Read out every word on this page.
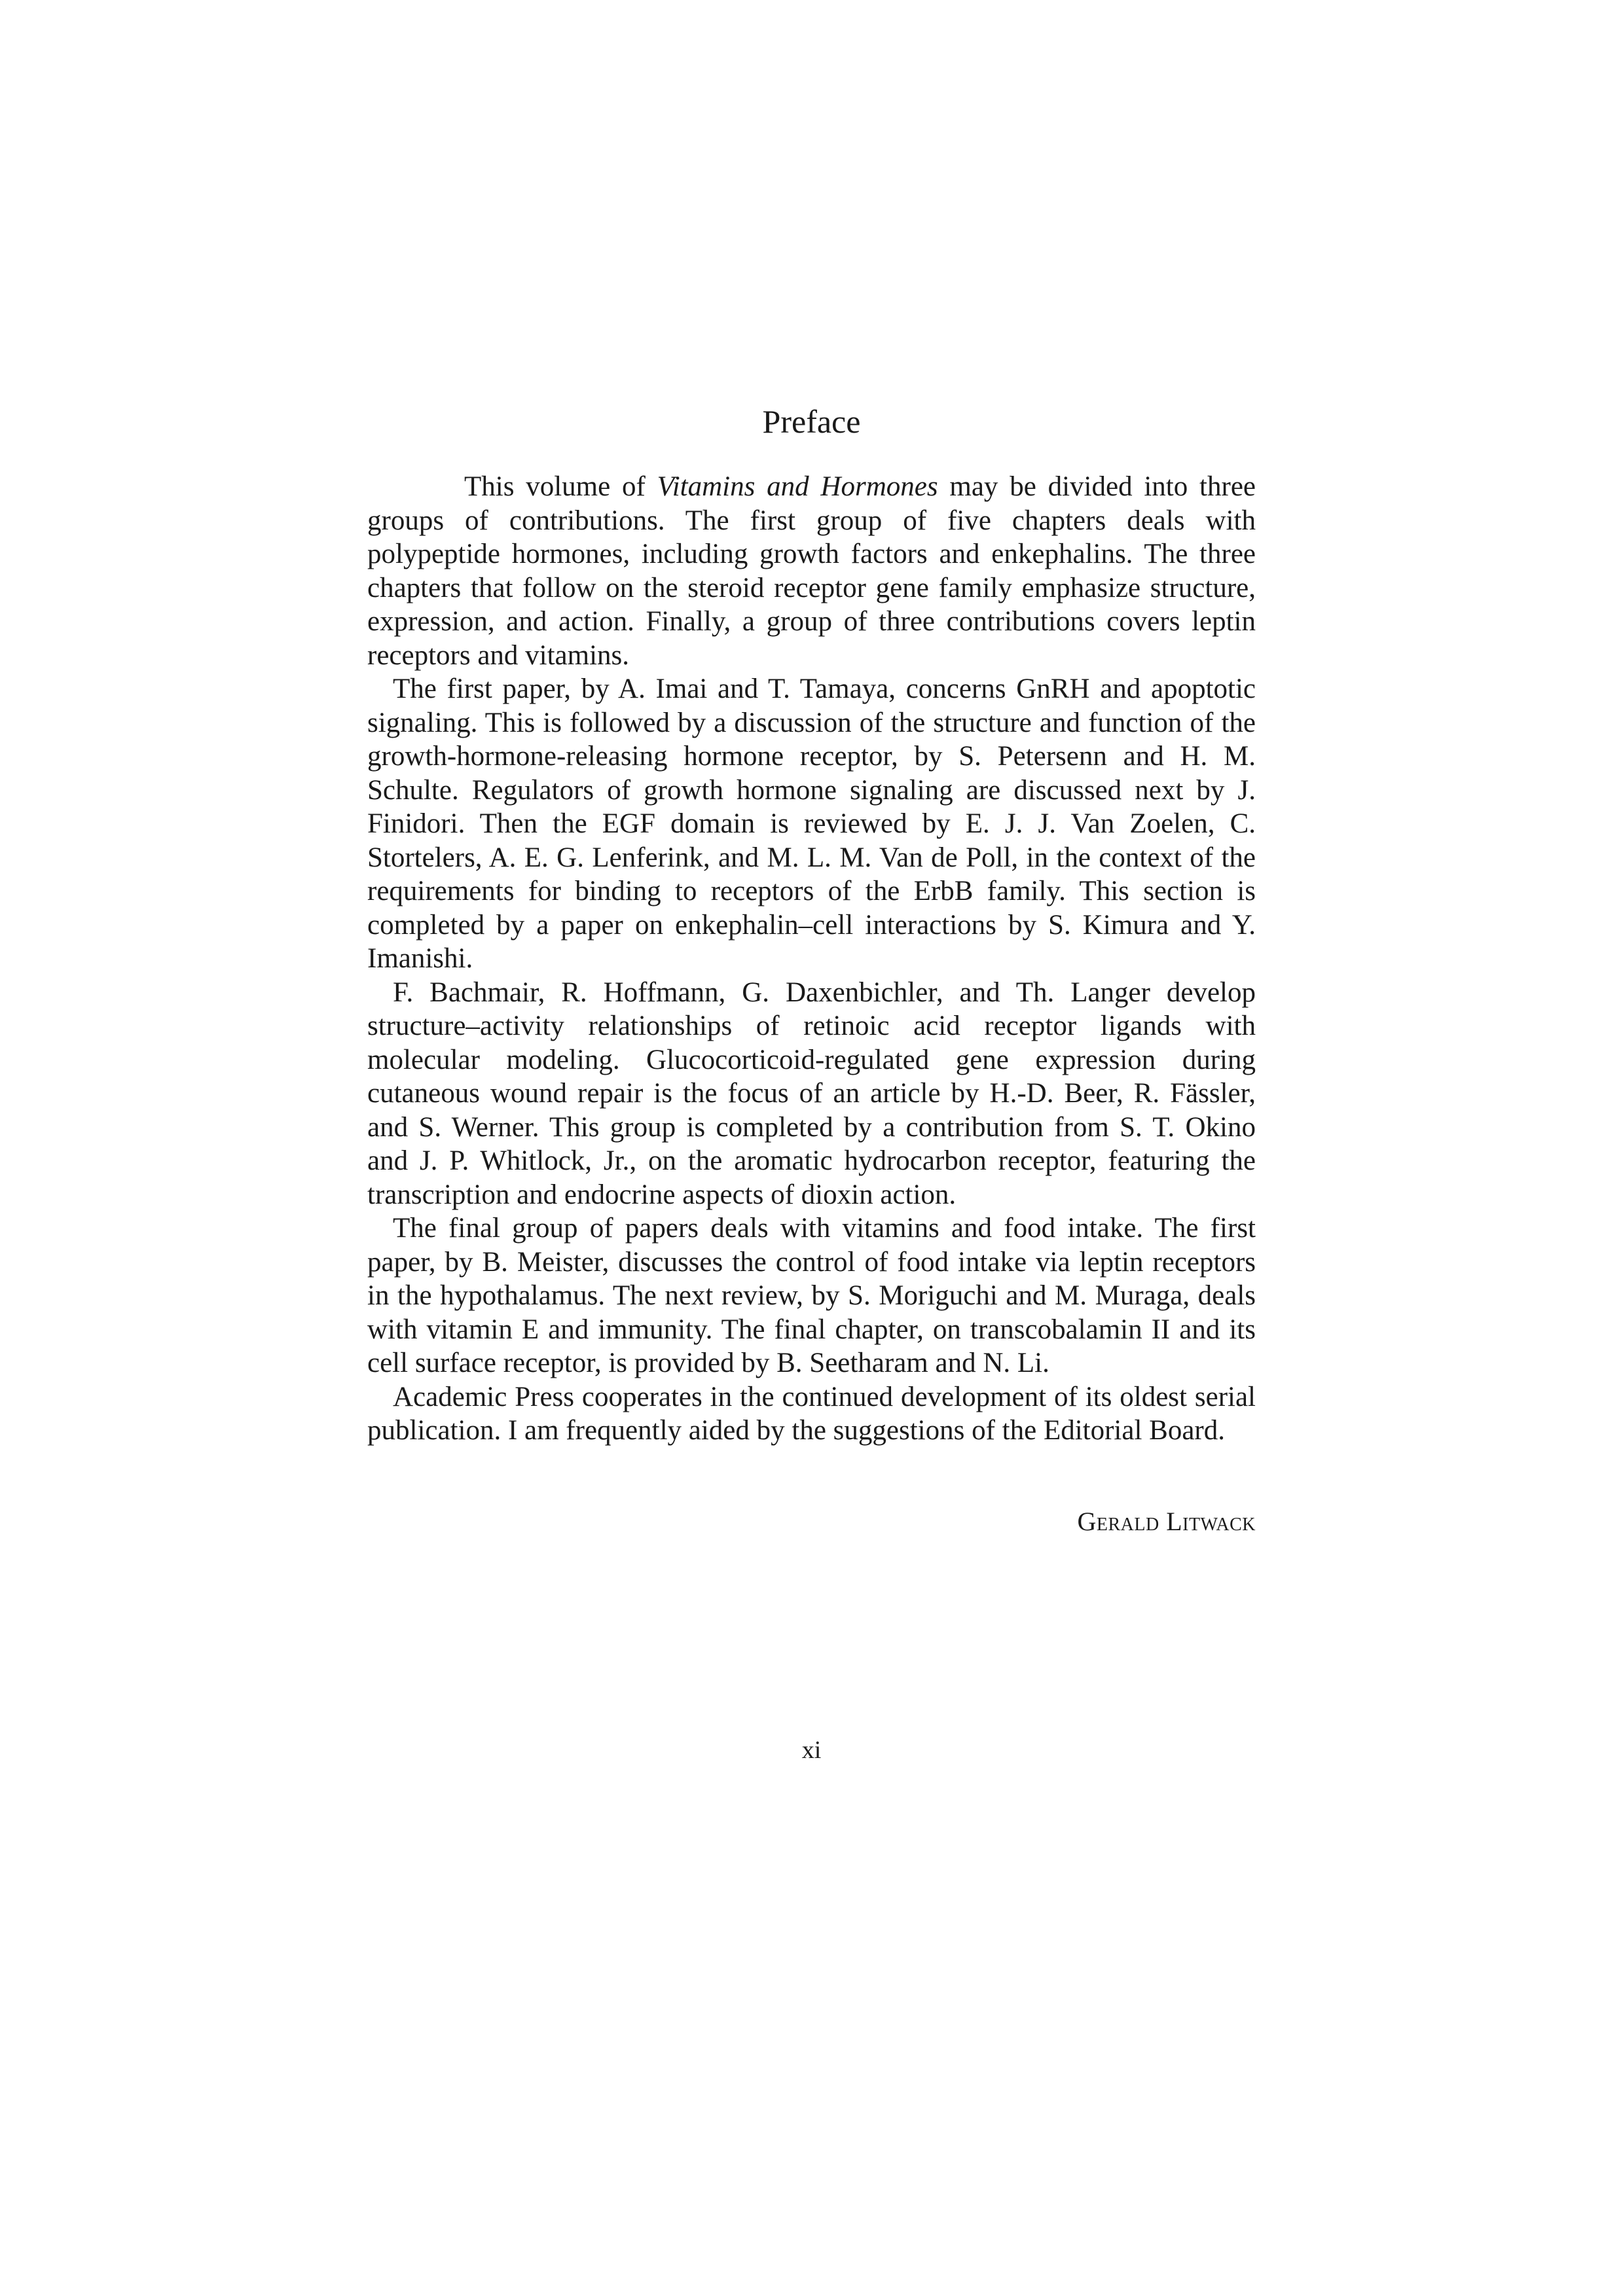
Preface

This volume of Vitamins and Hormones may be divided into three groups of contributions. The first group of five chapters deals with polypeptide hormones, including growth factors and enkephalins. The three chapters that follow on the steroid receptor gene family emphasize structure, expression, and action. Finally, a group of three contributions covers leptin receptors and vitamins.

The first paper, by A. Imai and T. Tamaya, concerns GnRH and apoptotic signaling. This is followed by a discussion of the structure and function of the growth-hormone-releasing hormone receptor, by S. Petersenn and H. M. Schulte. Regulators of growth hormone signaling are discussed next by J. Finidori. Then the EGF domain is reviewed by E. J. J. Van Zoelen, C. Stortelers, A. E. G. Lenferink, and M. L. M. Van de Poll, in the context of the requirements for binding to receptors of the ErbB family. This section is completed by a paper on enkephalin–cell interactions by S. Kimura and Y. Imanishi.

F. Bachmair, R. Hoffmann, G. Daxenbichler, and Th. Langer develop structure–activity relationships of retinoic acid receptor ligands with molecular modeling. Glucocorticoid-regulated gene expression during cutaneous wound repair is the focus of an article by H.-D. Beer, R. Fässler, and S. Werner. This group is completed by a contribution from S. T. Okino and J. P. Whitlock, Jr., on the aromatic hydrocarbon receptor, featuring the transcription and endocrine aspects of dioxin action.

The final group of papers deals with vitamins and food intake. The first paper, by B. Meister, discusses the control of food intake via leptin receptors in the hypothalamus. The next review, by S. Moriguchi and M. Muraga, deals with vitamin E and immunity. The final chapter, on transcobalamin II and its cell surface receptor, is provided by B. Seetharam and N. Li.

Academic Press cooperates in the continued development of its oldest serial publication. I am frequently aided by the suggestions of the Editorial Board.

Gerald Litwack
xi
